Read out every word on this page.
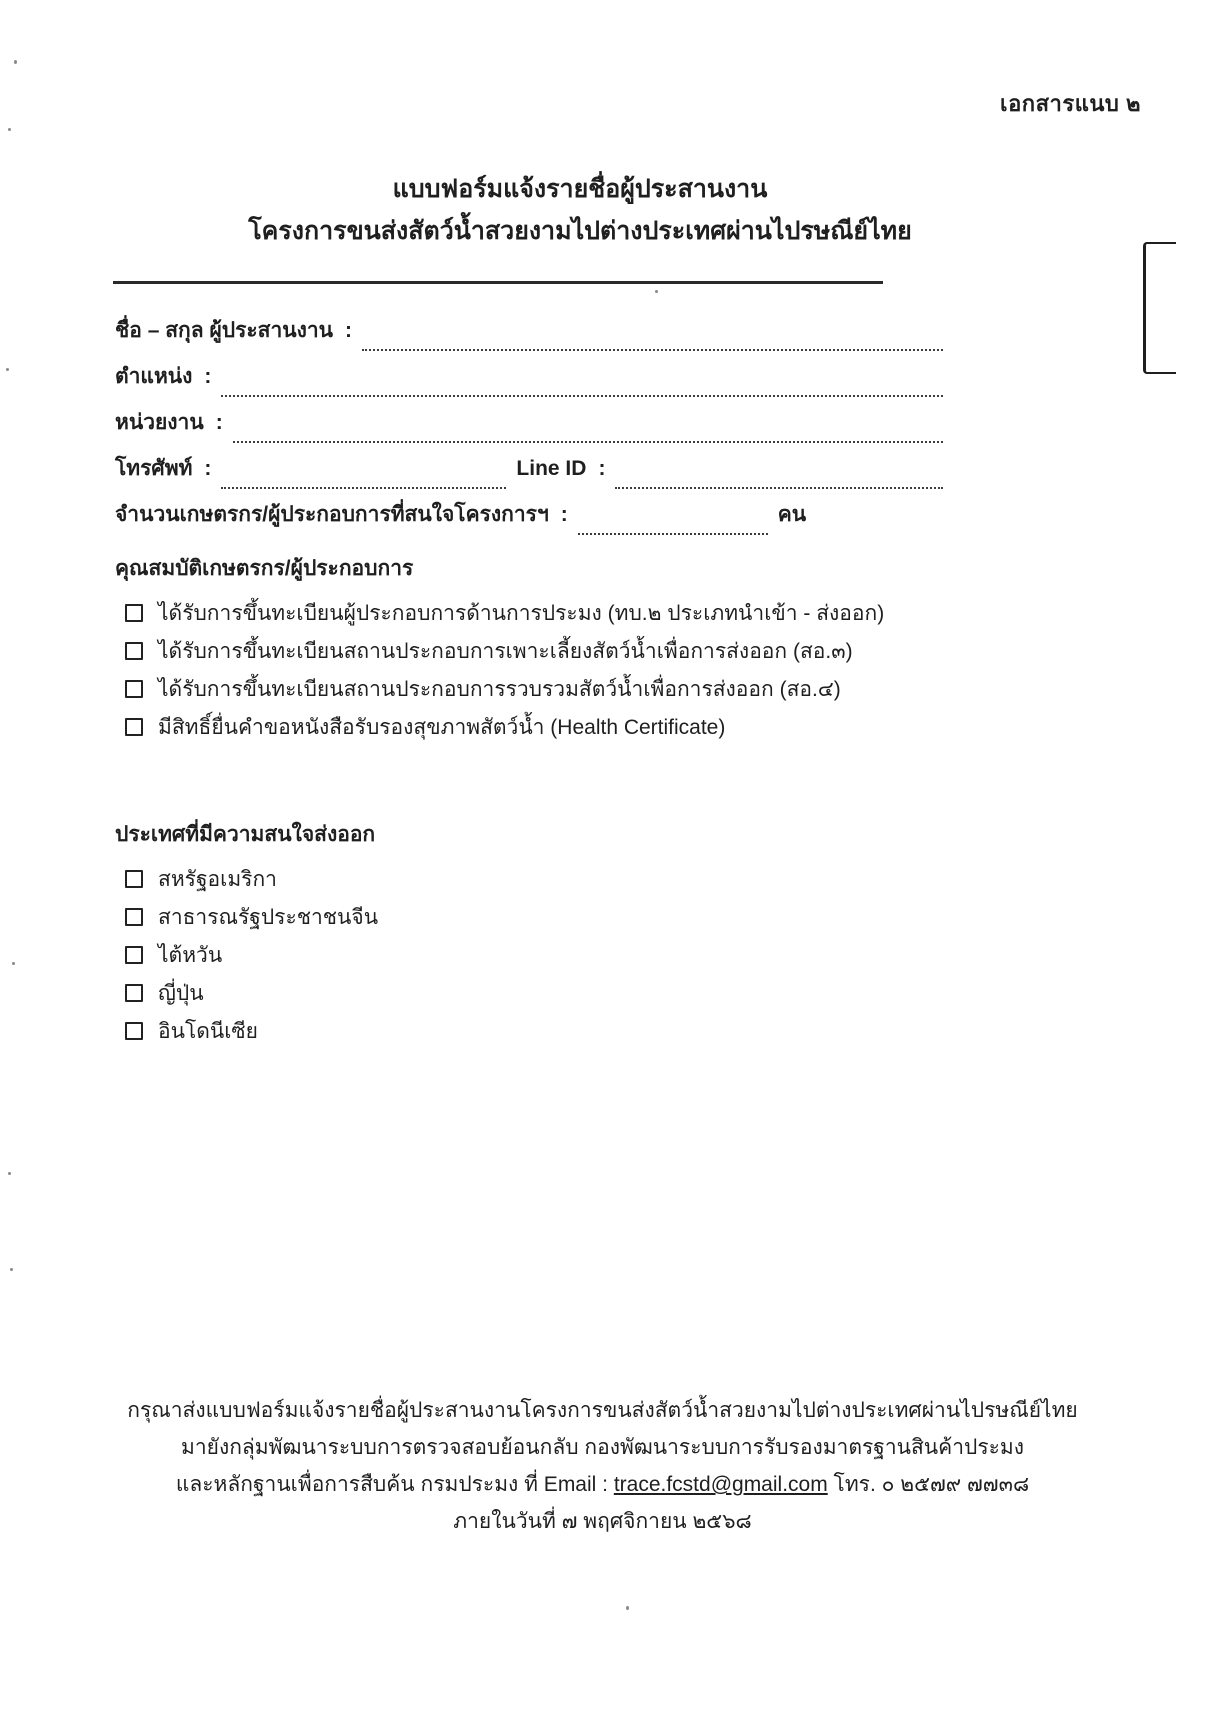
เอกสารแนบ ๒
แบบฟอร์มแจ้งรายชื่อผู้ประสานงาน
โครงการขนส่งสัตว์น้ำสวยงามไปต่างประเทศผ่านไปรษณีย์ไทย
ชื่อ – สกุล ผู้ประสานงาน :
ตำแหน่ง :
หน่วยงาน :
โทรศัพท์ :	Line ID :
จำนวนเกษตรกร/ผู้ประกอบการที่สนใจโครงการฯ :	คน
คุณสมบัติเกษตรกร/ผู้ประกอบการ
ได้รับการขึ้นทะเบียนผู้ประกอบการด้านการประมง (ทบ.๒ ประเภทนำเข้า - ส่งออก)
ได้รับการขึ้นทะเบียนสถานประกอบการเพาะเลี้ยงสัตว์น้ำเพื่อการส่งออก (สอ.๓)
ได้รับการขึ้นทะเบียนสถานประกอบการรวบรวมสัตว์น้ำเพื่อการส่งออก (สอ.๔)
มีสิทธิ์ยื่นคำขอหนังสือรับรองสุขภาพสัตว์น้ำ (Health Certificate)
ประเทศที่มีความสนใจส่งออก
สหรัฐอเมริกา
สาธารณรัฐประชาชนจีน
ไต้หวัน
ญี่ปุ่น
อินโดนีเซีย
กรุณาส่งแบบฟอร์มแจ้งรายชื่อผู้ประสานงานโครงการขนส่งสัตว์น้ำสวยงามไปต่างประเทศผ่านไปรษณีย์ไทย
มายังกลุ่มพัฒนาระบบการตรวจสอบย้อนกลับ กองพัฒนาระบบการรับรองมาตรฐานสินค้าประมง
และหลักฐานเพื่อการสืบค้น กรมประมง ที่ Email : trace.fcstd@gmail.com โทร. ๐ ๒๕๗๙ ๗๗๓๘
ภายในวันที่ ๗ พฤศจิกายน ๒๕๖๘
